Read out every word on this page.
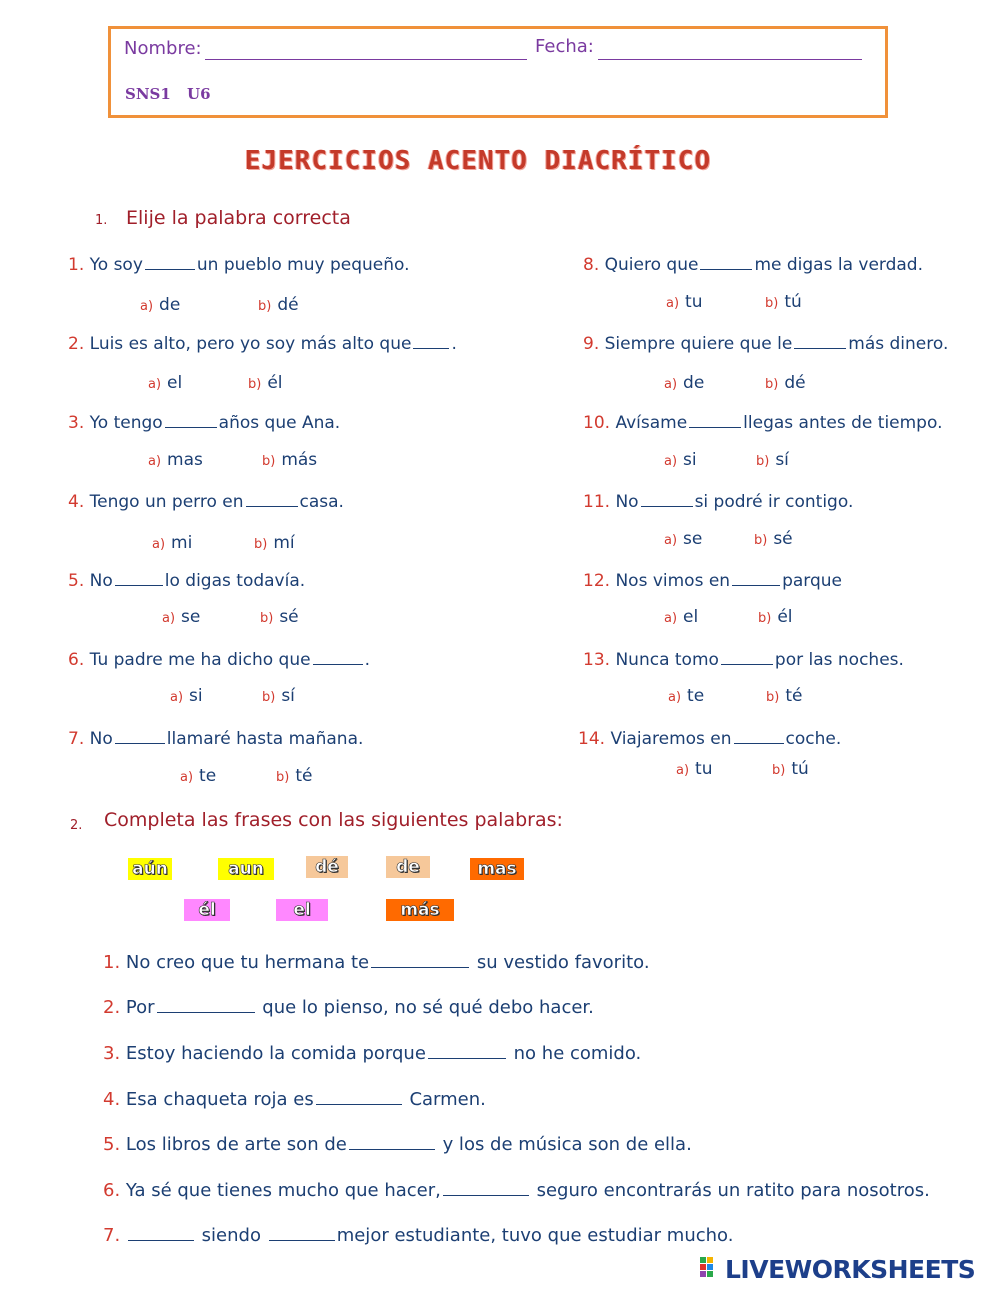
Nombre:	Fecha:
SNS1 U6
EJERCICIOS ACENTO DIACRÍTICO
1. Elije la palabra correcta
1. Yo soy	un pueblo muy pequeño.
a) de	b) dé
2. Luis es alto, pero yo soy más alto que .
a) el	b) él
3. Yo tengo	años que Ana.
a) mas	b) más
4. Tengo un perro en	casa.
a) mi	b) mí
5. No	lo digas todavía.
a) se	b) sé
6. Tu padre me ha dicho que	.
a) si	b) sí
7. No	llamaré hasta mañana.
a) te	b) té
8. Quiero que	me digas la verdad.
a) tu	b) tú
9. Siempre quiere que le	más dinero.
a) de	b) dé
10. Avísame	llegas antes de tiempo.
a) si	b) sí
11. No	si podré ir contigo.
a) se	b) sé
12. Nos vimos en	parque
a) el	b) él
13. Nunca tomo	por las noches.
a) te	b) té
14. Viajaremos en	coche.
a) tu	b) tú
2. Completa las frases con las siguientes palabras:
aún	aun	dé	de	mas
él	el	más
1. No creo que tu hermana te	su vestido favorito.
2. Por	que lo pienso, no sé qué debo hacer.
3. Estoy haciendo la comida porque	no he comido.
4. Esa chaqueta roja es	Carmen.
5. Los libros de arte son de	y los de música son de ella.
6. Ya sé que tienes mucho que hacer,	seguro encontrarás un ratito para nosotros.
7.	siendo	mejor estudiante, tuvo que estudiar mucho.
LIVEWORKSHEETS
